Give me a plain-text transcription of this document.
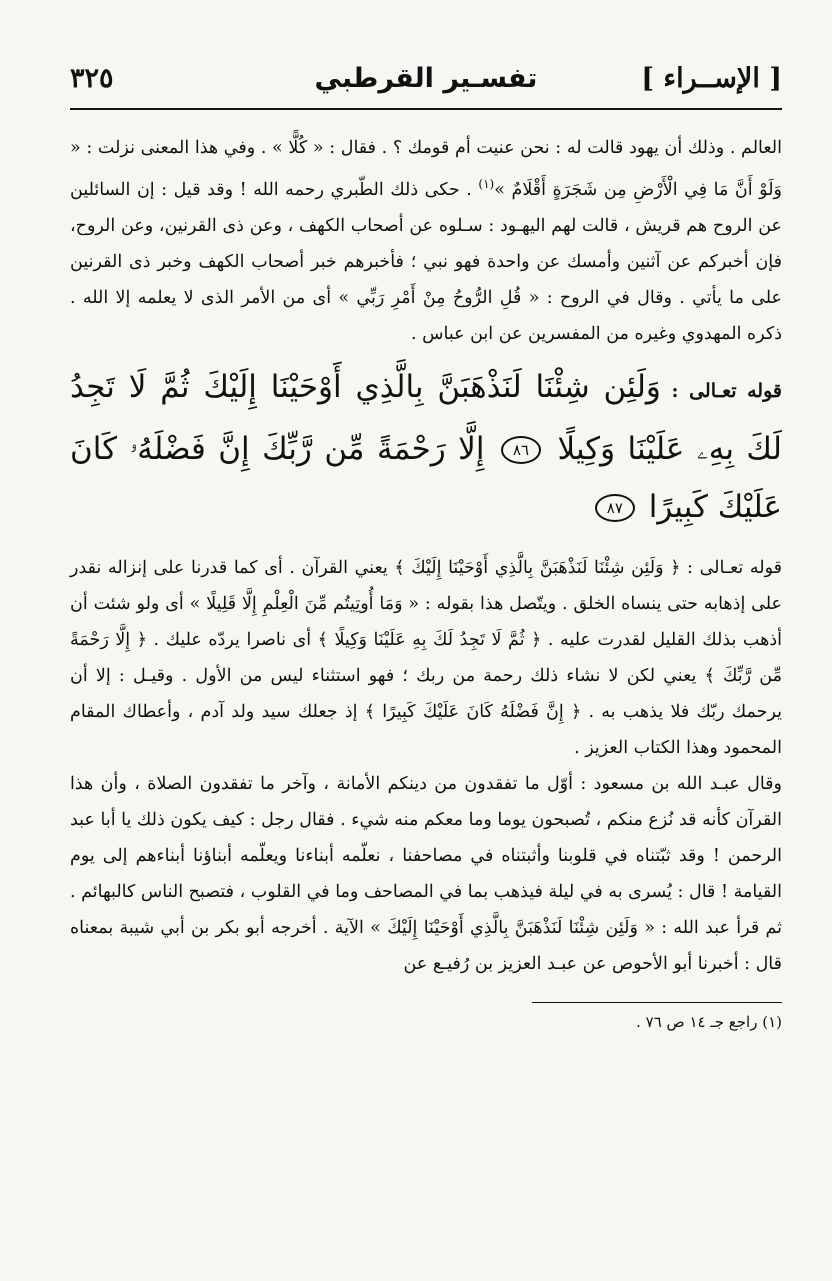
[ الإســراء ]
تفسـير القرطبي
٣٢٥

العالم . وذلك أن يهود قالت له : نحن عنيت أم قومك ؟ . فقال : « كُلًّا » . وفي هذا المعنى نزلت : « وَلَوْ أَنَّ مَا فِي الْأَرْضِ مِن شَجَرَةٍ أَقْلَامٌ »$^{(١)}$ . حكى ذلك الطّبري رحمه الله ! وقد قيل : إن السائلين عن الروح هم قريش ، قالت لهم اليهـود : سـلوه عن أصحاب الكهف ، وعن ذى القرنين، وعن الروح، فإن أخبركم عن آثنين وأمسك عن واحدة فهو نبي ؛ فأخبرهم خبر أصحاب الكهف وخبر ذى القرنين على ما يأتي . وقال في الروح : « قُلِ الرُّوحُ مِنْ أَمْرِ رَبِّي » أى من الأمر الذى لا يعلمه إلا الله . ذكره المهدوي وغيره من المفسرين عن ابن عباس .

قوله تعـالى : وَلَئِن شِئْنَا لَنَذْهَبَنَّ بِالَّذِي أَوْحَيْنَا إِلَيْكَ ثُمَّ لَا تَجِدُ لَكَ بِهِۦ عَلَيْنَا وَكِيلًا ٨٦ إِلَّا رَحْمَةً مِّن رَّبِّكَ إِنَّ فَضْلَهُۥ كَانَ عَلَيْكَ كَبِيرًا ٨٧

قوله تعـالى : ﴿ وَلَئِن شِئْنَا لَنَذْهَبَنَّ بِالَّذِي أَوْحَيْنَا إِلَيْكَ ﴾ يعني القرآن . أى كما قدرنا على إنزاله نقدر على إذهابه حتى ينساه الخلق . ويتّصل هذا بقوله : « وَمَا أُوتِيتُم مِّنَ الْعِلْمِ إِلَّا قَلِيلًا » أى ولو شئت أن أذهب بذلك القليل لقدرت عليه . ﴿ ثُمَّ لَا تَجِدُ لَكَ بِهِ عَلَيْنَا وَكِيلًا ﴾ أى ناصرا يردّه عليك . ﴿ إِلَّا رَحْمَةً مِّن رَّبِّكَ ﴾ يعني لكن لا نشاء ذلك رحمة من ربك ؛ فهو استثناء ليس من الأول . وقيـل : إلا أن يرحمك ربّك فلا يذهب به . ﴿ إِنَّ فَضْلَهُ كَانَ عَلَيْكَ كَبِيرًا ﴾ إذ جعلك سيد ولد آدم ، وأعطاك المقام المحمود وهذا الكتاب العزيز .

وقال عبـد الله بن مسعود : أوّل ما تفقدون من دينكم الأمانة ، وآخر ما تفقدون الصلاة ، وأن هذا القرآن كأنه قد نُزع منكم ، تُصبحون يوما وما معكم منه شيء . فقال رجل : كيف يكون ذلك يا أبا عبد الرحمن ! وقد ثبّتناه في قلوبنا وأثبتناه في مصاحفنا ، نعلّمه أبناءنا ويعلّمه أبناؤنا أبناءهم إلى يوم القيامة ! قال : يُسرى به في ليلة فيذهب بما في المصاحف وما في القلوب ، فتصبح الناس كالبهائم . ثم قرأ عبد الله : « وَلَئِن شِئْنَا لَنَذْهَبَنَّ بِالَّذِي أَوْحَيْنَا إِلَيْكَ » الآية . أخرجه أبو بكر بن أبي شيبة بمعناه قال : أخبرنا أبو الأحوص عن عبـد العزيز بن رُفيـع عن

(١) راجع جـ ١٤ ص ٧٦ .
